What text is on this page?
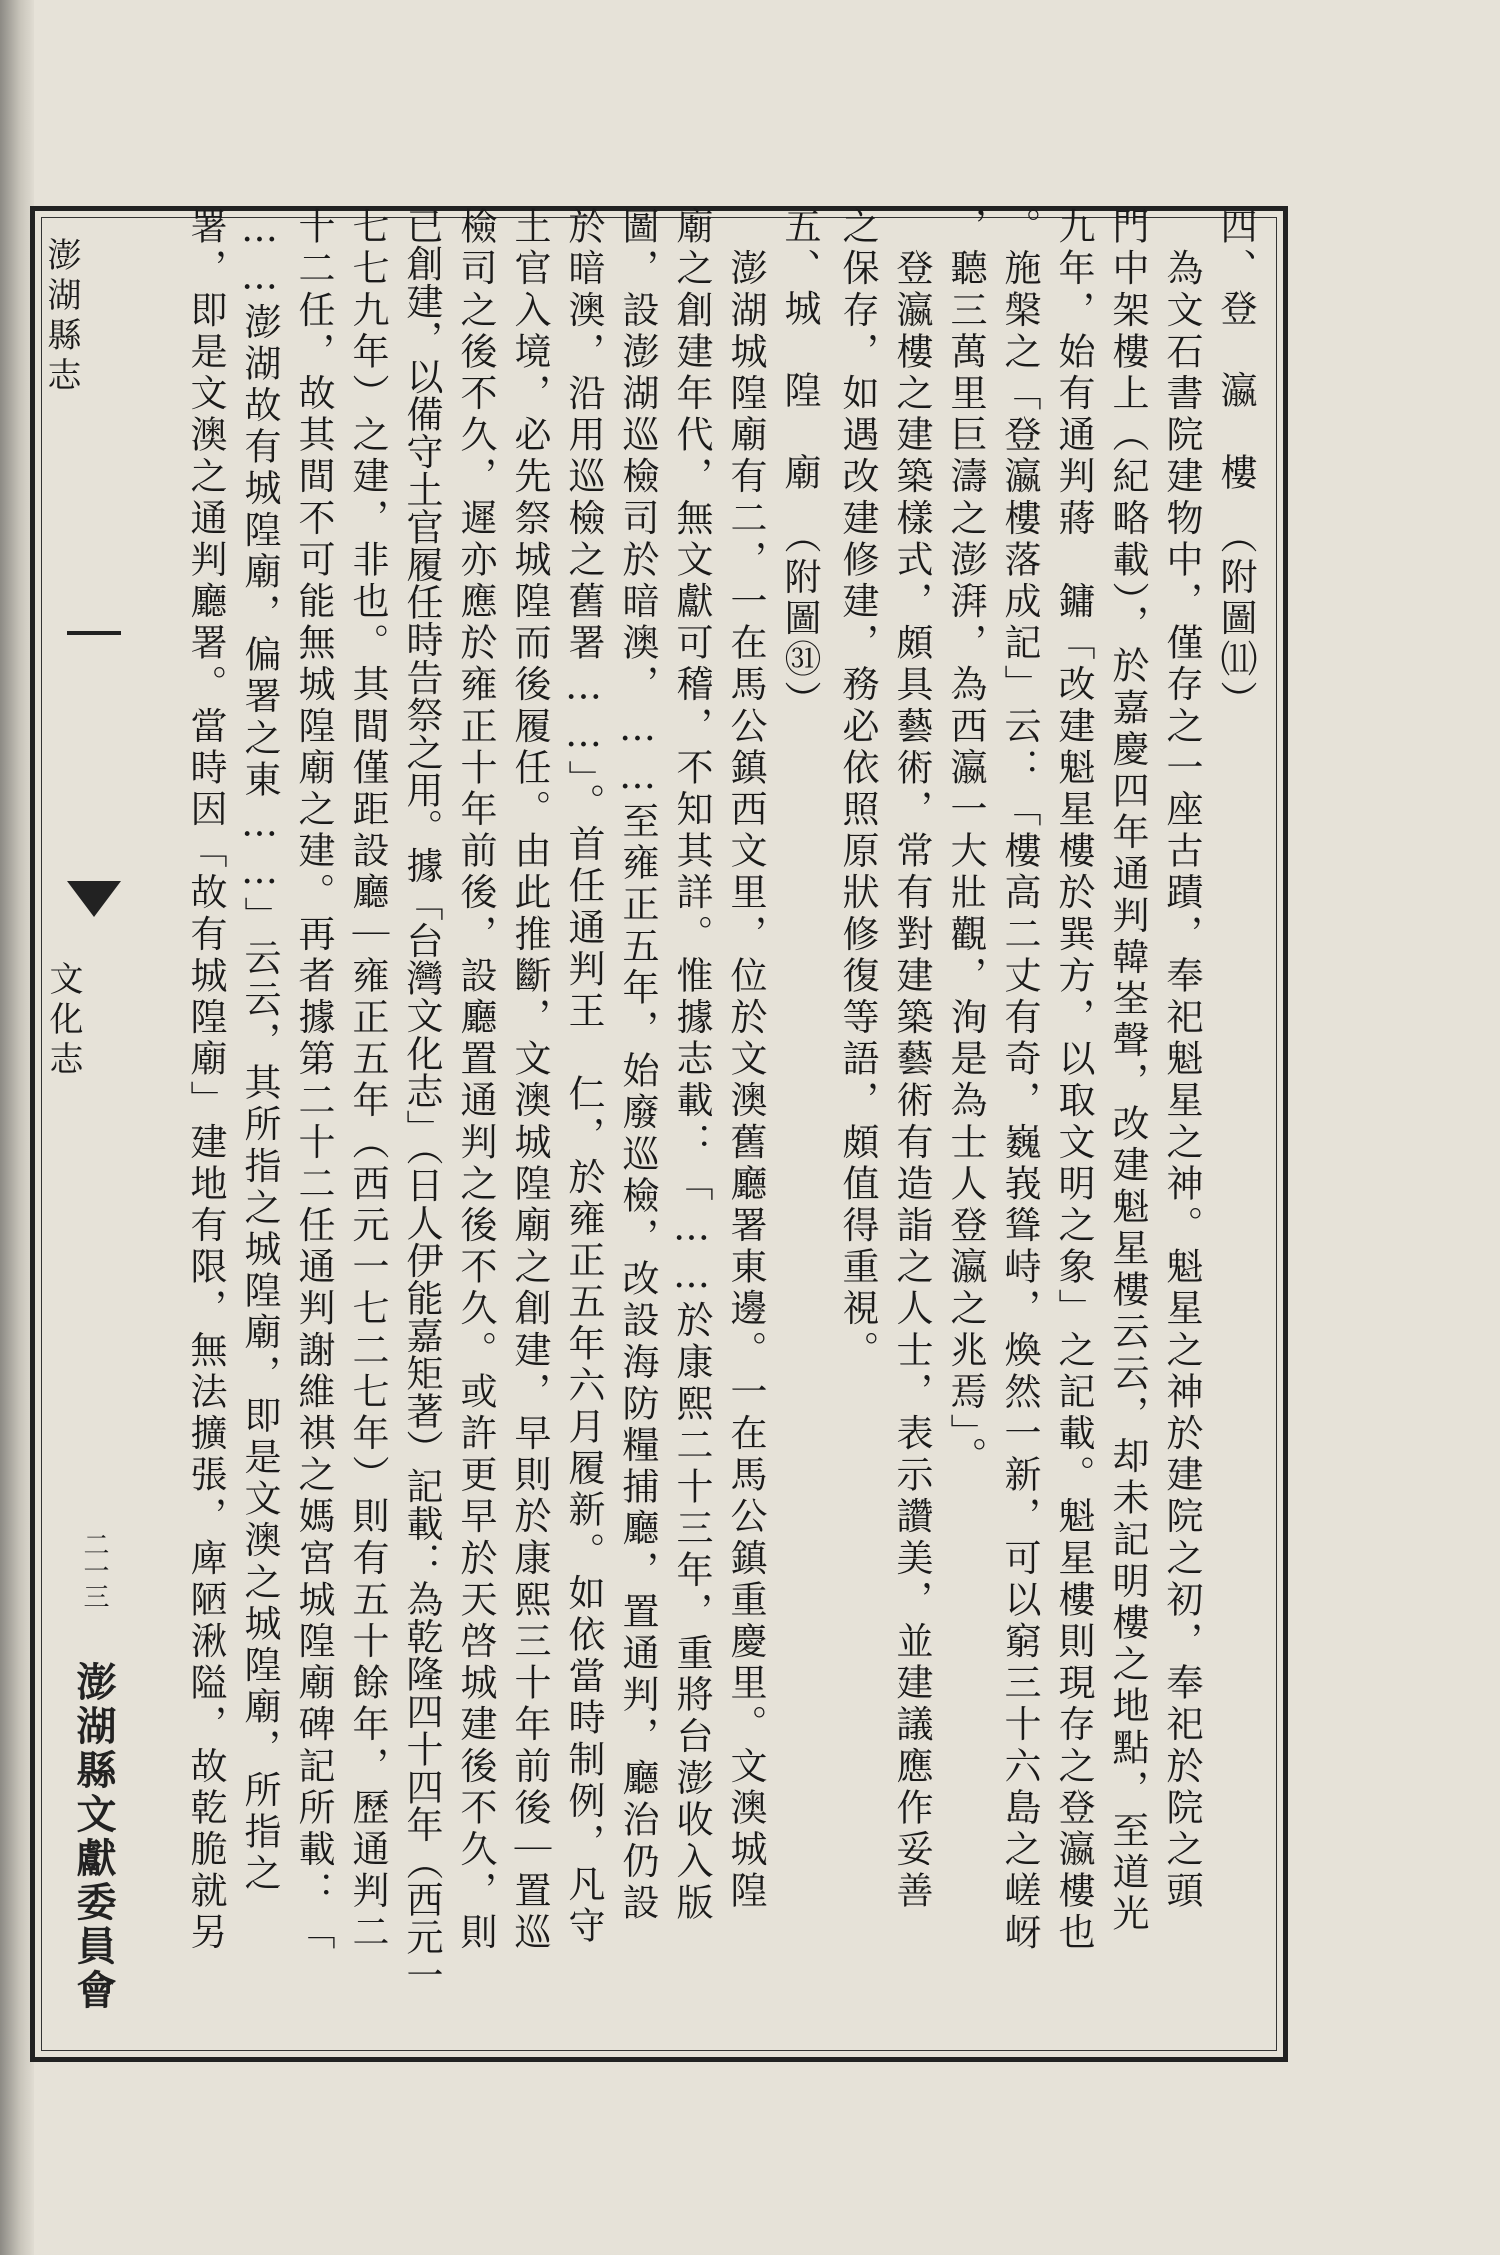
澎湖縣志
文化志
二一三
澎湖縣文獻委員會
四、登　瀛　樓　（附圖⑾）
　為文石書院建物中，僅存之一座古蹟，奉祀魁星之神。魁星之神於建院之初，奉祀於院之頭
門中架樓上（紀略載），於嘉慶四年通判韓峑聲，改建魁星樓云云，却未記明樓之地點，至道光
九年，始有通判蔣　鏞「改建魁星樓於巽方，以取文明之象」之記載。魁星樓則現存之登瀛樓也
。施槃之「登瀛樓落成記」云：「樓高二丈有奇，巍峩聳峙，煥然一新，可以窮三十六島之嵯岈
，聽三萬里巨濤之澎湃，為西瀛一大壯觀，洵是為士人登瀛之兆焉」。
　登瀛樓之建築樣式，頗具藝術，常有對建築藝術有造詣之人士，表示讚美，並建議應作妥善
之保存，如遇改建修建，務必依照原狀修復等語，頗值得重視。
五、城　隍　廟　（附圖㉛）
　澎湖城隍廟有二，一在馬公鎮西文里，位於文澳舊廳署東邊。一在馬公鎮重慶里。文澳城隍
廟之創建年代，無文獻可稽，不知其詳。惟據志載：「……於康熙二十三年，重將台澎收入版
圖，設澎湖巡檢司於暗澳，……至雍正五年，始廢巡檢，改設海防糧捕廳，置通判，廳治仍設
於暗澳，沿用巡檢之舊署……」。首任通判王　仁，於雍正五年六月履新。如依當時制例，凡守
土官入境，必先祭城隍而後履任。由此推斷，文澳城隍廟之創建，早則於康熙三十年前後｜置巡
檢司之後不久，遲亦應於雍正十年前後，設廳置通判之後不久。或許更早於天啓城建後不久，則
已創建，以備守土官履任時告祭之用。據「台灣文化志」（日人伊能嘉矩著）記載：為乾隆四十四年（西元一
七七九年）之建，非也。其間僅距設廳｜雍正五年（西元一七二七年）則有五十餘年，歷通判二
十二任，故其間不可能無城隍廟之建。再者據第二十二任通判謝維祺之媽宮城隍廟碑記所載：「
……澎湖故有城隍廟，偏署之東……」云云，其所指之城隍廟，即是文澳之城隍廟，所指之
署，即是文澳之通判廳署。當時因「故有城隍廟」建地有限，無法擴張，庳陋湫隘，故乾脆就另
